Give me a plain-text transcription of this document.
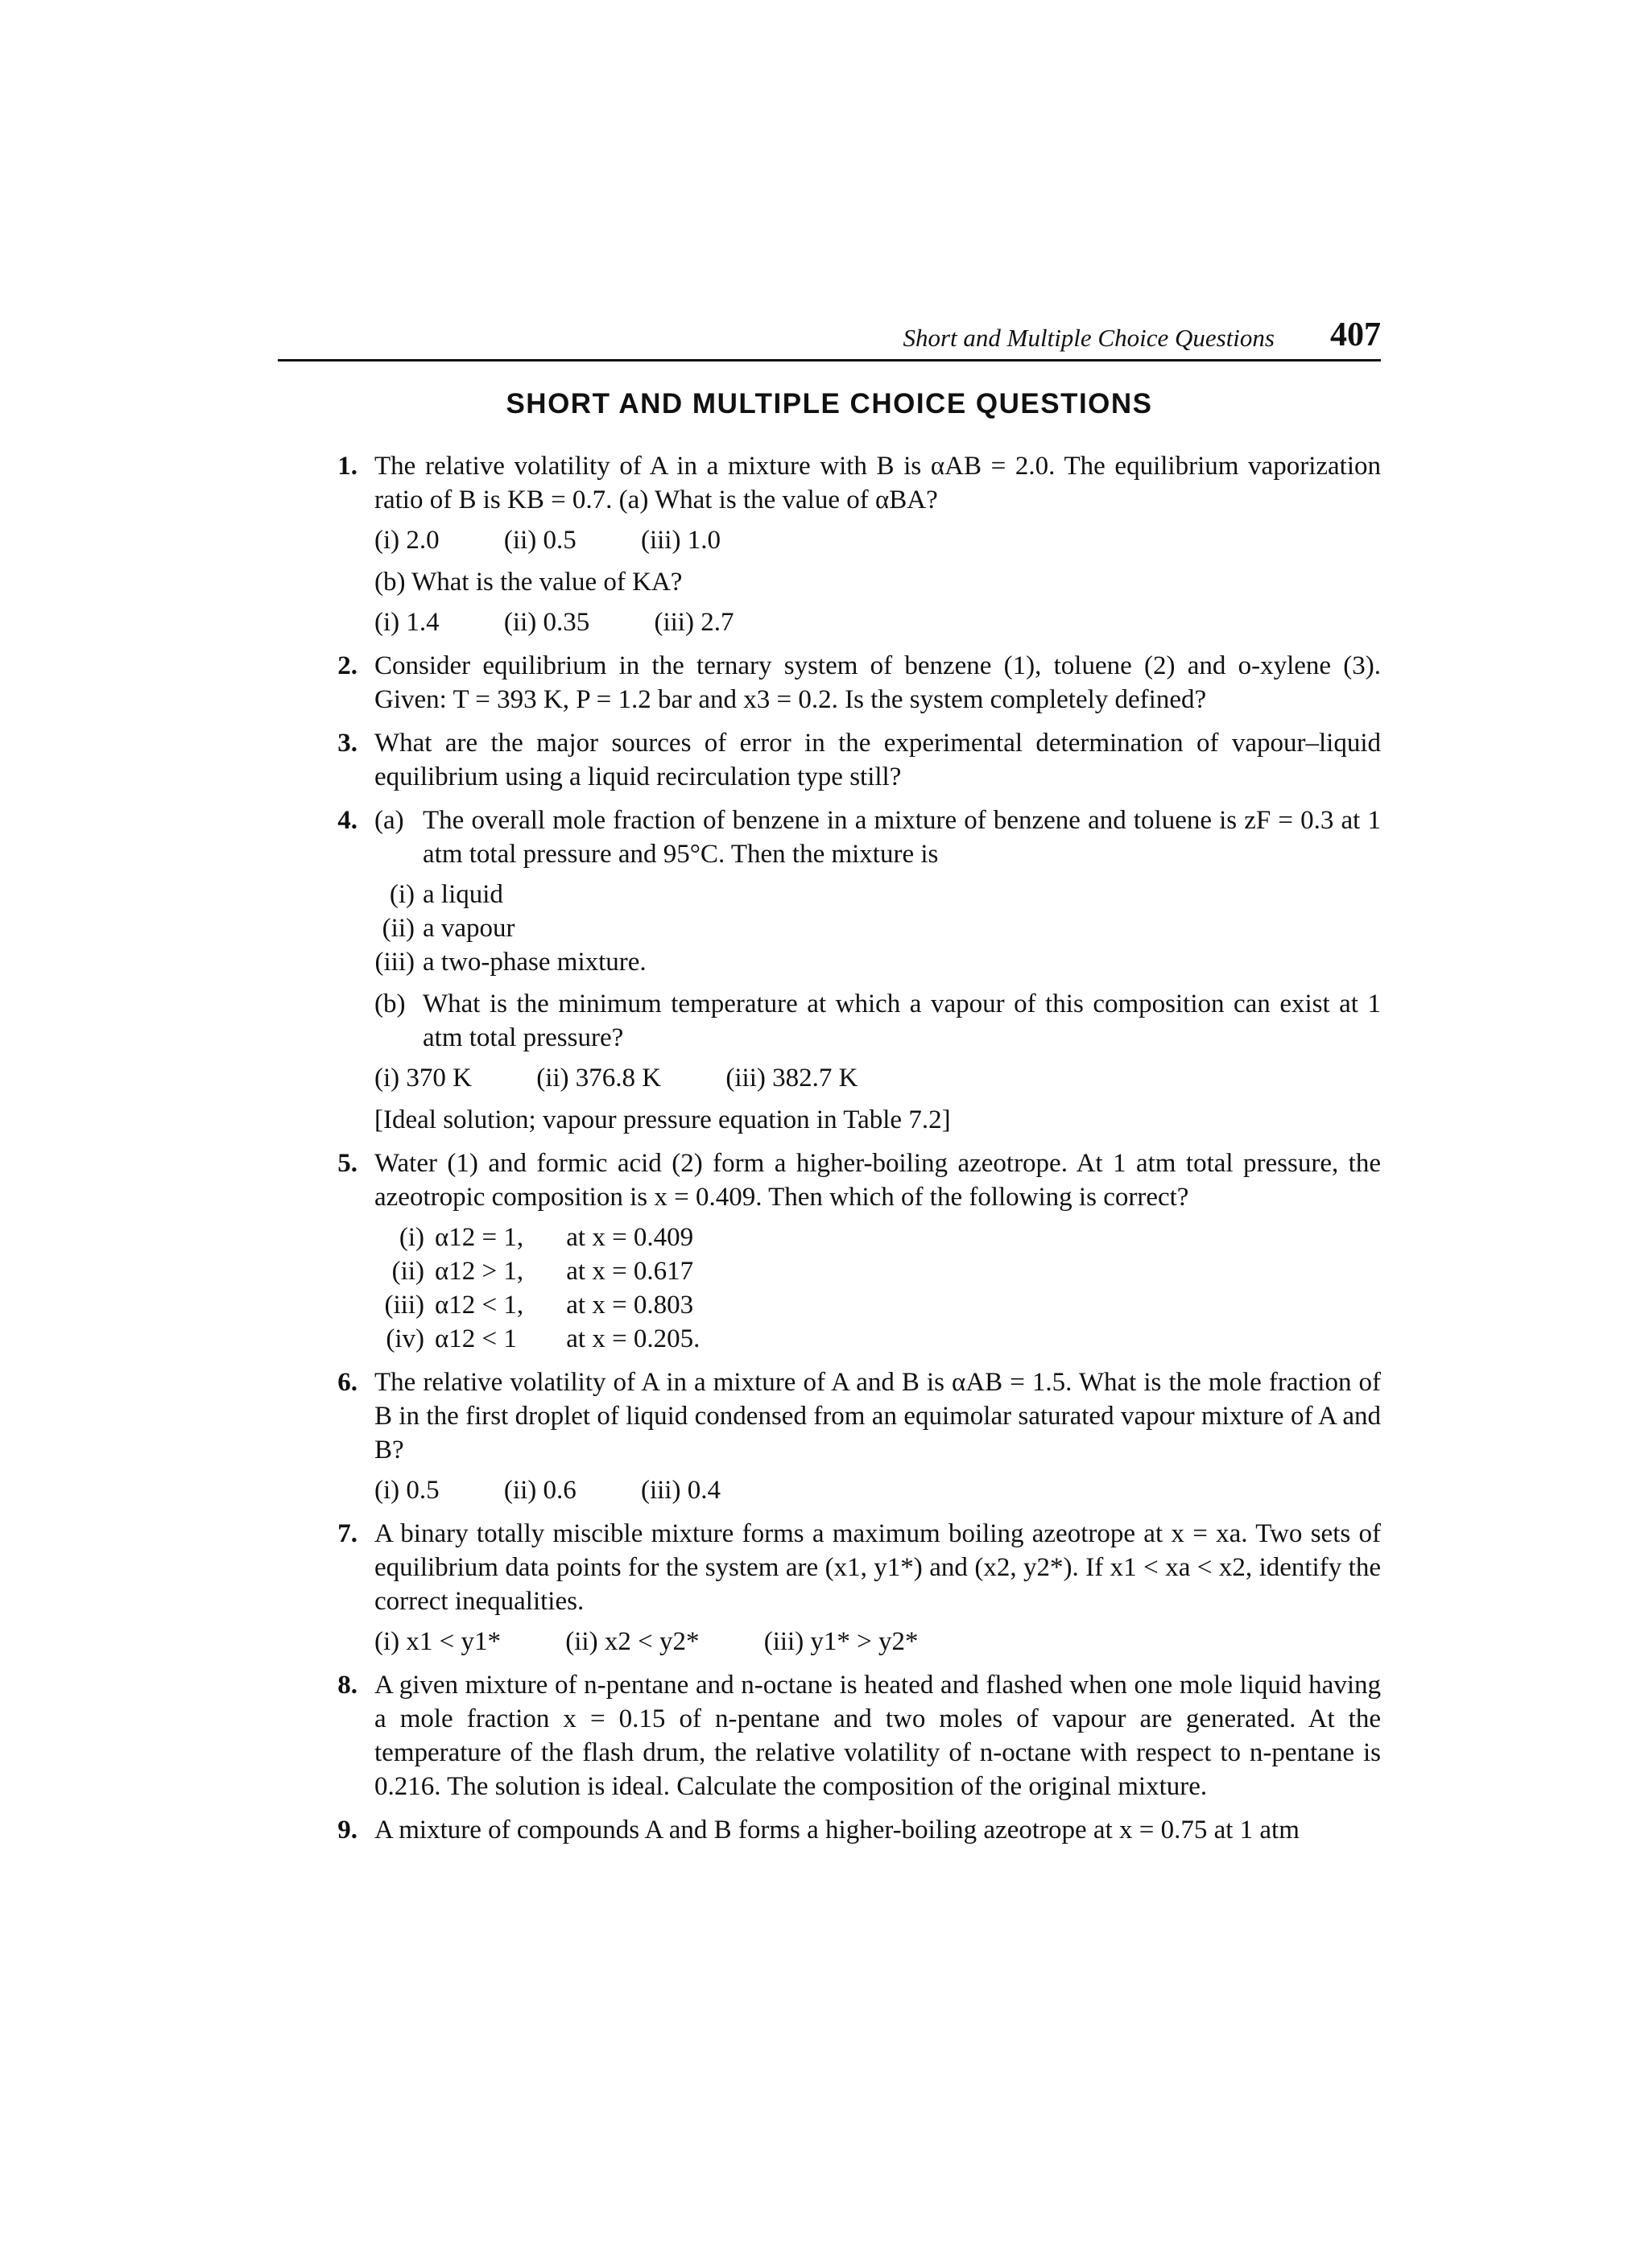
Short and Multiple Choice Questions 407
SHORT AND MULTIPLE CHOICE QUESTIONS
1. The relative volatility of A in a mixture with B is αAB = 2.0. The equilibrium vaporization ratio of B is KB = 0.7. (a) What is the value of αBA?
(i) 2.0 (ii) 0.5 (iii) 1.0
(b) What is the value of KA?
(i) 1.4 (ii) 0.35 (iii) 2.7
2. Consider equilibrium in the ternary system of benzene (1), toluene (2) and o-xylene (3). Given: T = 393 K, P = 1.2 bar and x3 = 0.2. Is the system completely defined?
3. What are the major sources of error in the experimental determination of vapour–liquid equilibrium using a liquid recirculation type still?
4. (a) The overall mole fraction of benzene in a mixture of benzene and toluene is zF = 0.3 at 1 atm total pressure and 95°C. Then the mixture is
(i) a liquid
(ii) a vapour
(iii) a two-phase mixture.
(b) What is the minimum temperature at which a vapour of this composition can exist at 1 atm total pressure?
(i) 370 K (ii) 376.8 K (iii) 382.7 K
[Ideal solution; vapour pressure equation in Table 7.2]
5. Water (1) and formic acid (2) form a higher-boiling azeotrope. At 1 atm total pressure, the azeotropic composition is x = 0.409. Then which of the following is correct?
(i) α12 = 1, at x = 0.409
(ii) α12 > 1, at x = 0.617
(iii) α12 < 1, at x = 0.803
(iv) α12 < 1 at x = 0.205.
6. The relative volatility of A in a mixture of A and B is αAB = 1.5. What is the mole fraction of B in the first droplet of liquid condensed from an equimolar saturated vapour mixture of A and B?
(i) 0.5 (ii) 0.6 (iii) 0.4
7. A binary totally miscible mixture forms a maximum boiling azeotrope at x = xa. Two sets of equilibrium data points for the system are (x1, y1*) and (x2, y2*). If x1 < xa < x2, identify the correct inequalities.
(i) x1 < y1* (ii) x2 < y2* (iii) y1* > y2*
8. A given mixture of n-pentane and n-octane is heated and flashed when one mole liquid having a mole fraction x = 0.15 of n-pentane and two moles of vapour are generated. At the temperature of the flash drum, the relative volatility of n-octane with respect to n-pentane is 0.216. The solution is ideal. Calculate the composition of the original mixture.
9. A mixture of compounds A and B forms a higher-boiling azeotrope at x = 0.75 at 1 atm
